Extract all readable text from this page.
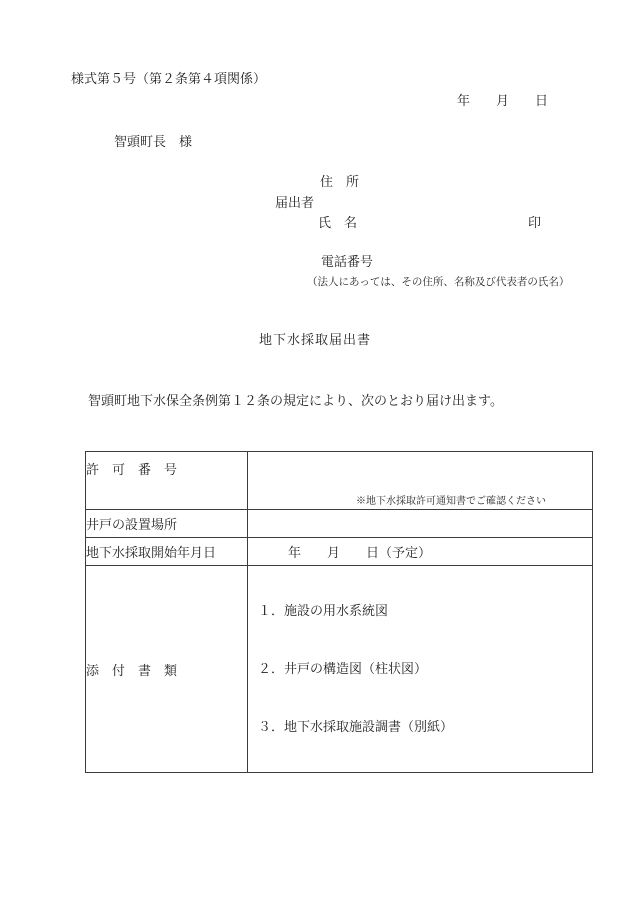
様式第５号（第２条第４項関係）
年　　月　　日
智頭町長　様
住　所
届出者
氏　名	印
電話番号
（法人にあっては、その住所、名称及び代表者の氏名）
地下水採取届出書
　智頭町地下水保全条例第１２条の規定により、次のとおり届け出ます。
許　可　番　号	※地下水採取許可通知書でご確認ください

井戸の設置場所	
地下水採取開始年月日	年　　月　　日（予定）
添　付　書　類	１．施設の用水系統図

２．井戸の構造図（柱状図）

３．地下水採取施設調書（別紙）
